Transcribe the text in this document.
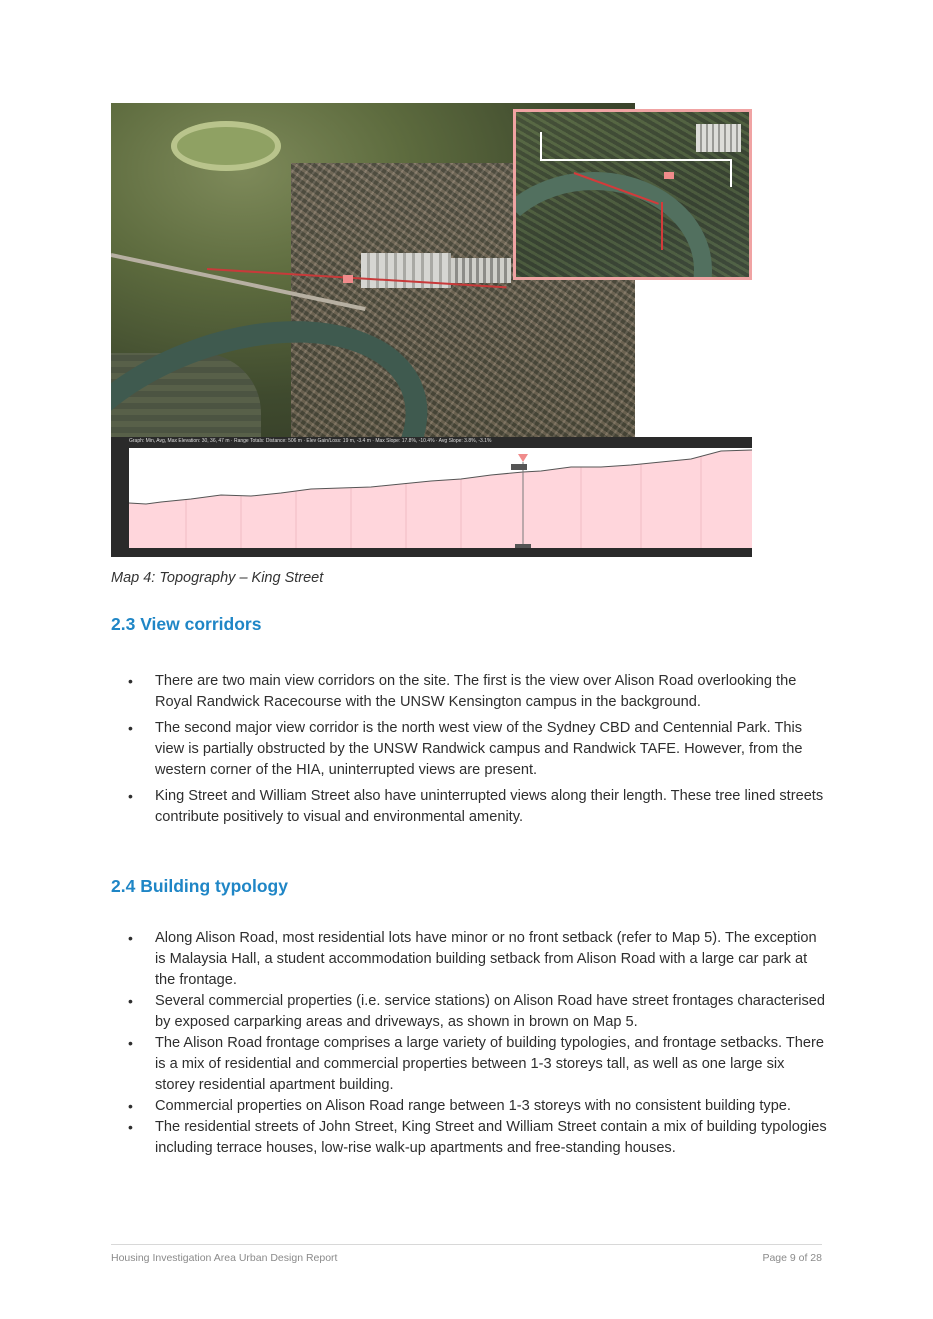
Graph: Min, Avg, Max Elevation: 30, 36, 47 m · Range Totals: Distance: 506 m · Elev Gain/Loss: 19 m, -3.4 m · Max Slope: 17.8%, -10.4% · Avg Slope: 3.8%, -3.1%
Map 4: Topography – King Street
2.3 View corridors
• There are two main view corridors on the site. The first is the view over Alison Road overlooking the Royal Randwick Racecourse with the UNSW Kensington campus in the background.
• The second major view corridor is the north west view of the Sydney CBD and Centennial Park. This view is partially obstructed by the UNSW Randwick campus and Randwick TAFE. However, from the western corner of the HIA, uninterrupted views are present.
• King Street and William Street also have uninterrupted views along their length. These tree lined streets contribute positively to visual and environmental amenity.
2.4 Building typology
• Along Alison Road, most residential lots have minor or no front setback (refer to Map 5). The exception is Malaysia Hall, a student accommodation building setback from Alison Road with a large car park at the frontage.
• Several commercial properties (i.e. service stations) on Alison Road have street frontages characterised by exposed carparking areas and driveways, as shown in brown on Map 5.
• The Alison Road frontage comprises a large variety of building typologies, and frontage setbacks. There is a mix of residential and commercial properties between 1-3 storeys tall, as well as one large six storey residential apartment building.
• Commercial properties on Alison Road range between 1-3 storeys with no consistent building type.
• The residential streets of John Street, King Street and William Street contain a mix of building typologies including terrace houses, low-rise walk-up apartments and free-standing houses.
Housing Investigation Area Urban Design Report	Page 9 of 28
